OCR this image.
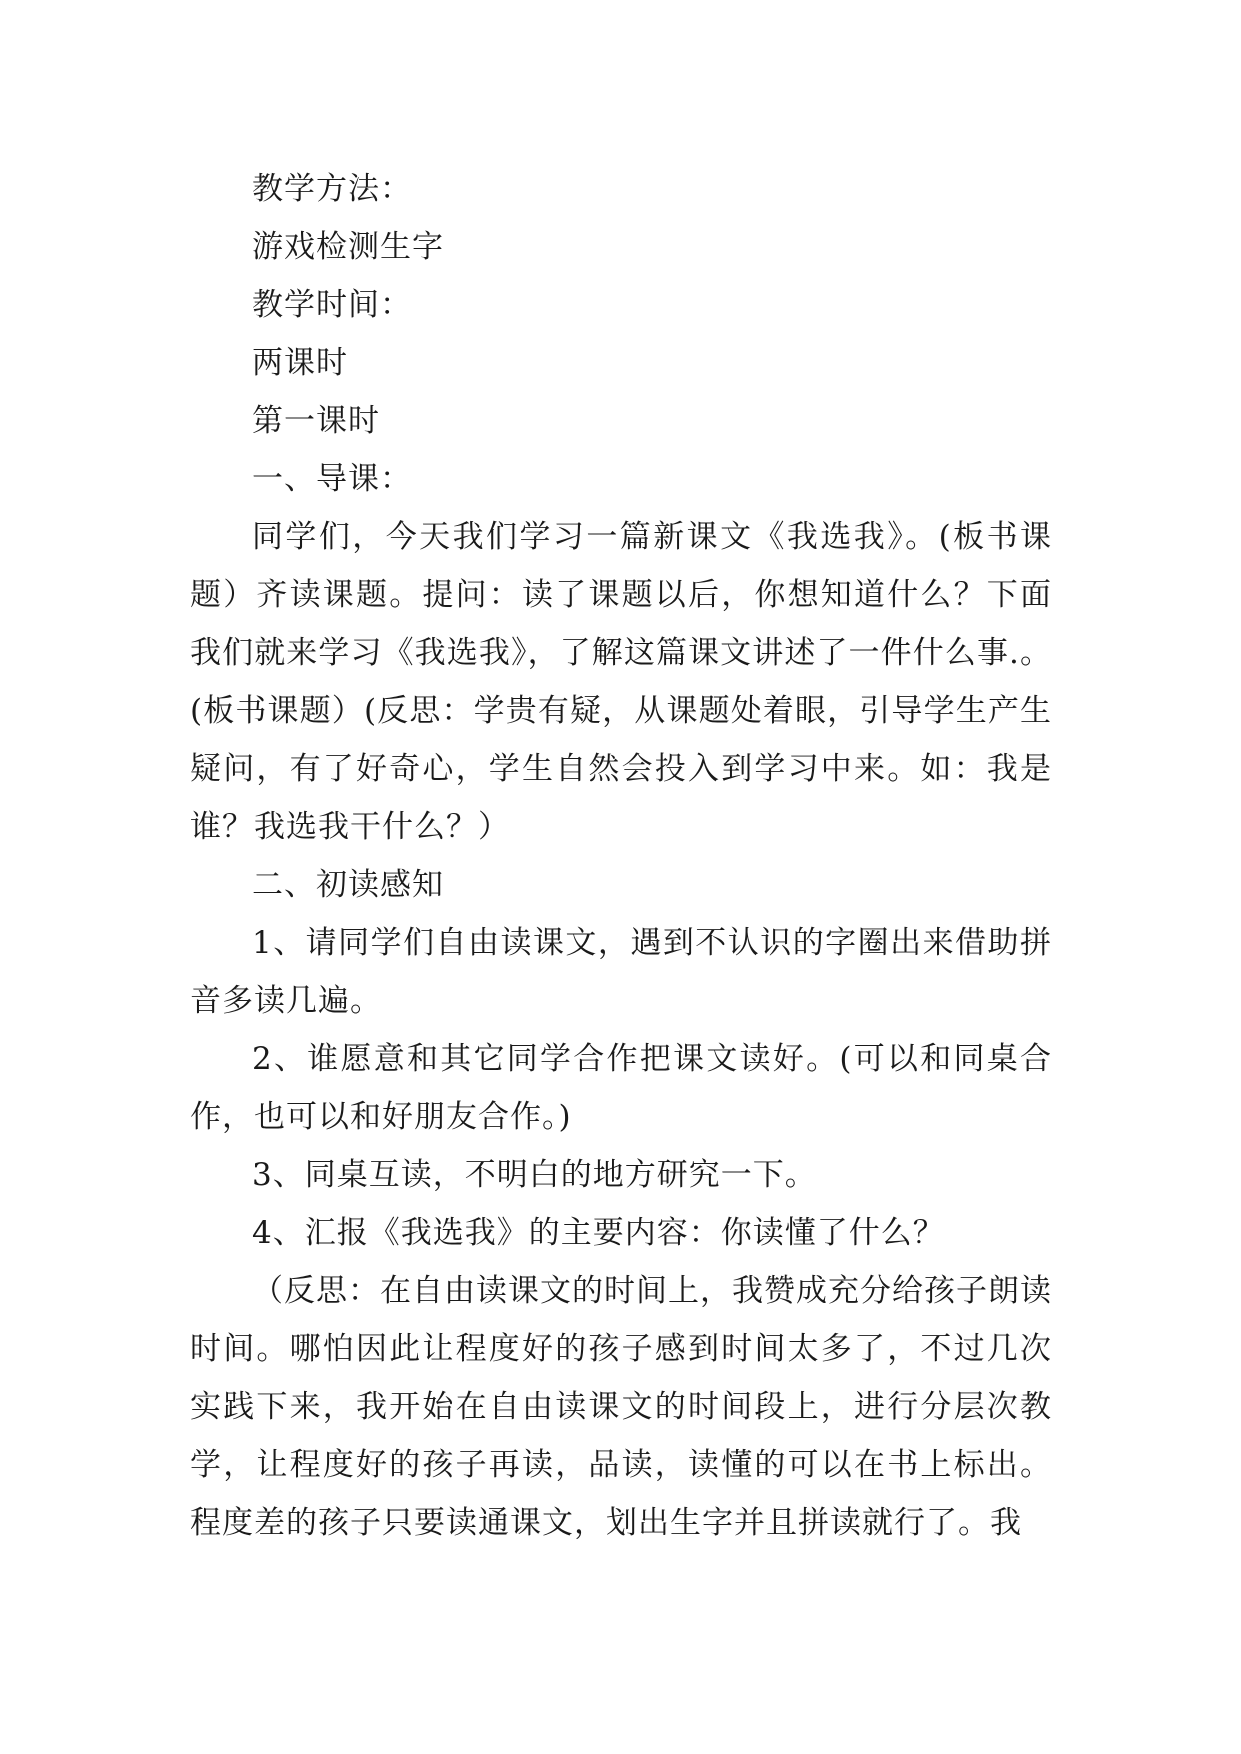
教学方法：

游戏检测生字

教学时间：

两课时

第一课时

一、导课：

同学们，今天我们学习一篇新课文《我选我》。(板书课题）齐读课题。提问：读了课题以后，你想知道什么？下面我们就来学习《我选我》，了解这篇课文讲述了一件什么事.。(板书课题）(反思：学贵有疑，从课题处着眼，引导学生产生疑问，有了好奇心，学生自然会投入到学习中来。如：我是谁？我选我干什么？）

二、初读感知

1、请同学们自由读课文，遇到不认识的字圈出来借助拼音多读几遍。

2、谁愿意和其它同学合作把课文读好。(可以和同桌合作，也可以和好朋友合作。)

3、同桌互读，不明白的地方研究一下。

4、汇报《我选我》的主要内容：你读懂了什么？

（反思：在自由读课文的时间上，我赞成充分给孩子朗读时间。哪怕因此让程度好的孩子感到时间太多了，不过几次实践下来，我开始在自由读课文的时间段上，进行分层次教学，让程度好的孩子再读，品读，读懂的可以在书上标出。程度差的孩子只要读通课文，划出生字并且拼读就行了。我
